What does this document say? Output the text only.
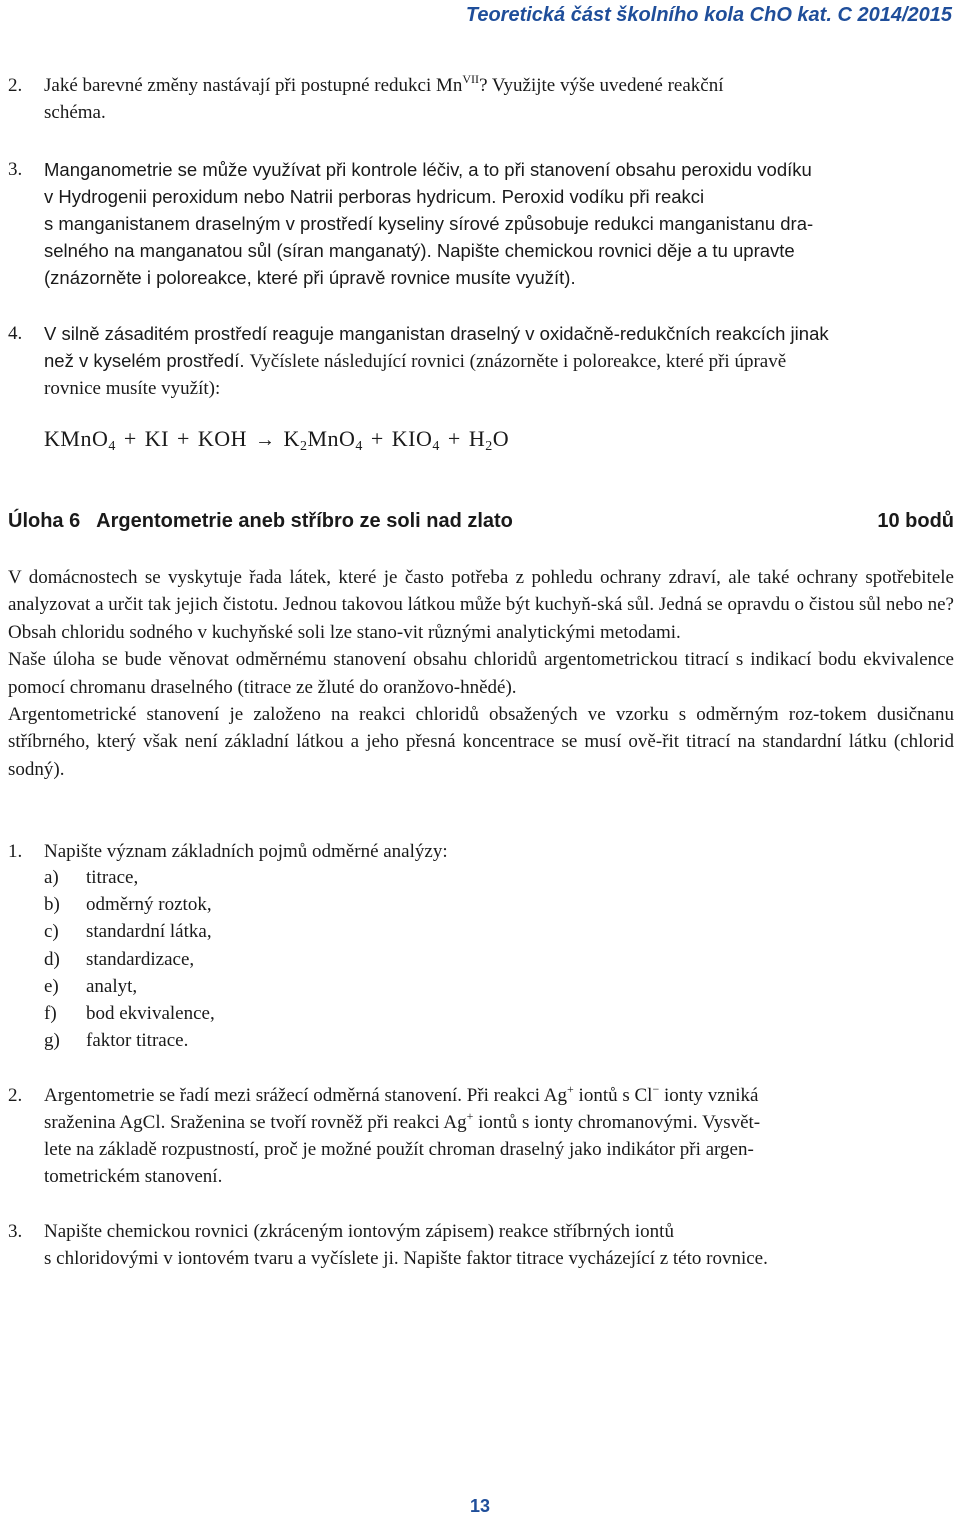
Teoretická část školního kola ChO kat. C 2014/2015
2. Jaké barevné změny nastávají při postupné redukci $Mn^{VII}$? Využijte výše uvedené reakční
schéma.
3. Manganometrie se může využívat při kontrole léčiv, a to při stanovení obsahu peroxidu vodíku
v Hydrogenii peroxidum nebo Natrii perboras hydricum. Peroxid vodíku při reakci
s manganistanem draselným v prostředí kyseliny sírové způsobuje redukci manganistanu dra-
selného na manganatou sůl (síran manganatý). Napište chemickou rovnici děje a tu upravte
(znázorněte i poloreakce, které při úpravě rovnice musíte využít).
4. V silně zásaditém prostředí reaguje manganistan draselný v oxidačně-redukčních reakcích jinak
než v kyselém prostředí. Vyčíslete následující rovnici (znázorněte i poloreakce, které při úpravě
rovnice musíte využít):
KMnO$_4$ + KI + KOH → $K_2MnO_4 + KIO_4 + H_2O$
Úloha 6   Argentometrie aneb stříbro ze soli nad zlato	10 bodů

V domácnostech se vyskytuje řada látek, které je často potřeba z pohledu ochrany zdraví, ale také ochrany spotřebitele analyzovat a určit tak jejich čistotu. Jednou takovou látkou může být kuchyň-ská sůl. Jedná se opravdu o čistou sůl nebo ne? Obsah chloridu sodného v kuchyňské soli lze stano-vit různými analytickými metodami.

Naše úloha se bude věnovat odměrnému stanovení obsahu chloridů argentometrickou titrací s indikací bodu ekvivalence pomocí chromanu draselného (titrace ze žluté do oranžovo-hnědé).

Argentometrické stanovení je založeno na reakci chloridů obsažených ve vzorku s odměrným roz-tokem dusičnanu stříbrného, který však není základní látkou a jeho přesná koncentrace se musí ově-řit titrací na standardní látku (chlorid sodný).

1. Napište význam základních pojmů odměrné analýzy:
a) titrace,
b) odměrný roztok,
c) standardní látka,
d) standardizace,
e) analyt,
f) bod ekvivalence,
g) faktor titrace.
2. Argentometrie se řadí mezi srážecí odměrná stanovení. Při reakci Ag+ iontů s Cl− ionty vzniká
sraženina AgCl. Sraženina se tvoří rovněž při reakci Ag+ iontů s ionty chromanovými. Vysvět-
lete na základě rozpustností, proč je možné použít chroman draselný jako indikátor při argen-
tometrickém stanovení.
3. Napište chemickou rovnici (zkráceným iontovým zápisem) reakce stříbrných iontů
s chloridovými v iontovém tvaru a vyčíslete ji. Napište faktor titrace vycházející z této rovnice.
13
